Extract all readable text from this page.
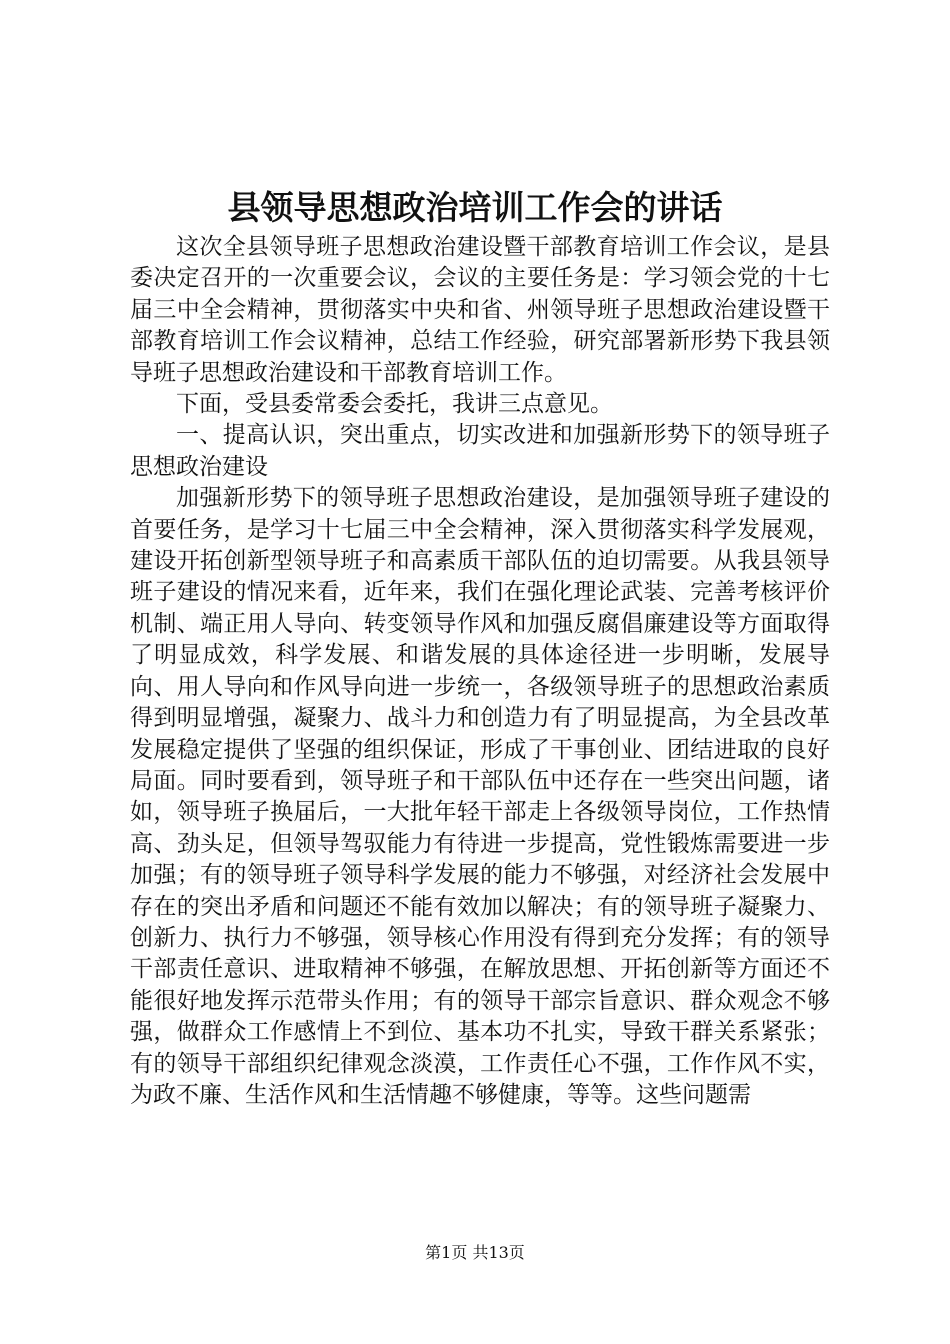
县领导思想政治培训工作会的讲话

这次全县领导班子思想政治建设暨干部教育培训工作会议，是县委决定召开的一次重要会议，会议的主要任务是：学习领会党的十七届三中全会精神，贯彻落实中央和省、州领导班子思想政治建设暨干部教育培训工作会议精神，总结工作经验，研究部署新形势下我县领导班子思想政治建设和干部教育培训工作。

下面，受县委常委会委托，我讲三点意见。

一、提高认识，突出重点，切实改进和加强新形势下的领导班子思想政治建设

加强新形势下的领导班子思想政治建设，是加强领导班子建设的首要任务，是学习十七届三中全会精神，深入贯彻落实科学发展观，建设开拓创新型领导班子和高素质干部队伍的迫切需要。从我县领导班子建设的情况来看，近年来，我们在强化理论武装、完善考核评价机制、端正用人导向、转变领导作风和加强反腐倡廉建设等方面取得了明显成效，科学发展、和谐发展的具体途径进一步明晰，发展导向、用人导向和作风导向进一步统一，各级领导班子的思想政治素质得到明显增强，凝聚力、战斗力和创造力有了明显提高，为全县改革发展稳定提供了坚强的组织保证，形成了干事创业、团结进取的良好局面。同时要看到，领导班子和干部队伍中还存在一些突出问题，诸如，领导班子换届后，一大批年轻干部走上各级领导岗位，工作热情高、劲头足，但领导驾驭能力有待进一步提高，党性锻炼需要进一步加强；有的领导班子领导科学发展的能力不够强，对经济社会发展中存在的突出矛盾和问题还不能有效加以解决；有的领导班子凝聚力、创新力、执行力不够强，领导核心作用没有得到充分发挥；有的领导干部责任意识、进取精神不够强，在解放思想、开拓创新等方面还不能很好地发挥示范带头作用；有的领导干部宗旨意识、群众观念不够强，做群众工作感情上不到位、基本功不扎实，导致干群关系紧张；有的领导干部组织纪律观念淡漠，工作责任心不强，工作作风不实，为政不廉、生活作风和生活情趣不够健康，等等。这些问题需

第1页 共13页
